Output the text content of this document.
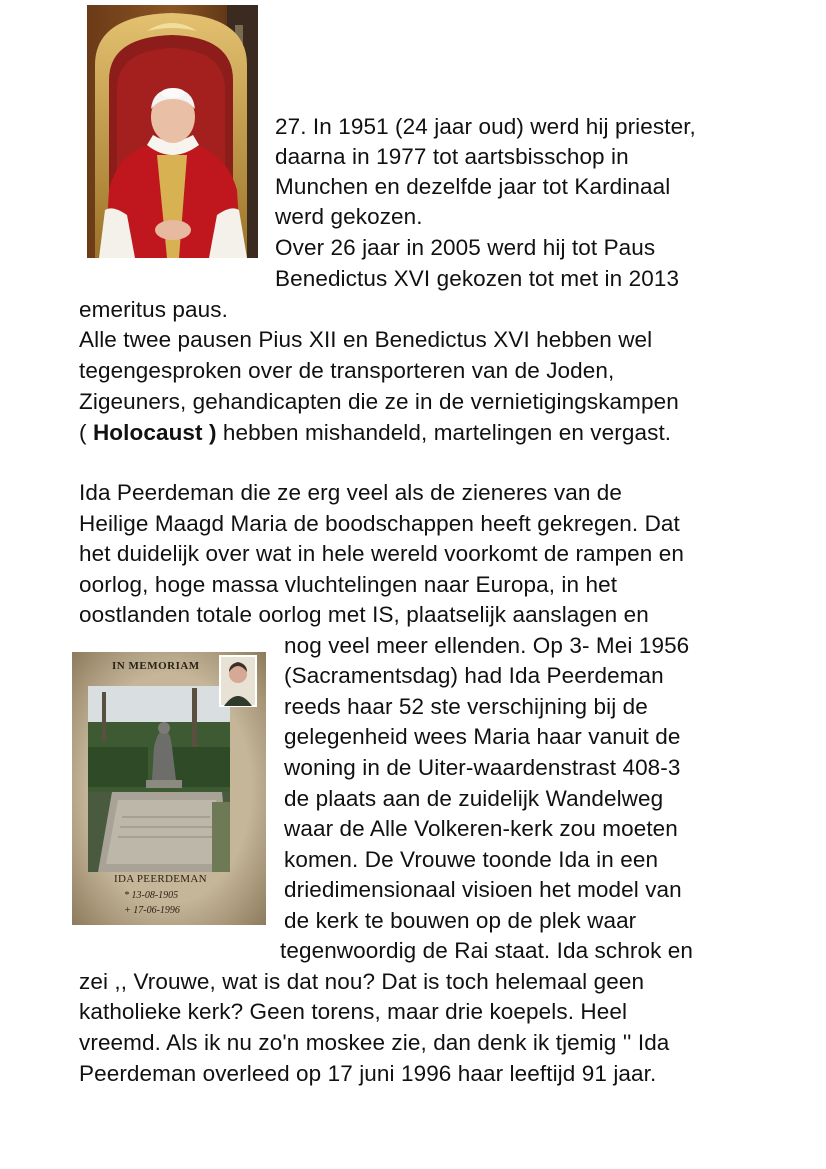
IN MEMORIAM
IDA PEERDEMAN
* 13-08-1905
+ 17-06-1996
27. In 1951 (24 jaar oud) werd hij priester,
daarna in 1977 tot aartsbisschop in
Munchen en dezelfde jaar tot Kardinaal
werd gekozen.
Over 26 jaar in 2005 werd hij tot Paus
Benedictus XVI gekozen tot met in 2013
emeritus paus.
Alle twee pausen Pius XII en Benedictus XVI hebben wel
tegengesproken over de transporteren van de Joden,
Zigeuners, gehandicapten die ze in de vernietigingskampen
( Holocaust ) hebben mishandeld, martelingen en vergast.
Ida Peerdeman die ze erg veel als de zieneres van de
Heilige Maagd Maria de boodschappen heeft gekregen. Dat
het duidelijk over wat in hele wereld voorkomt de rampen en
oorlog, hoge massa vluchtelingen naar Europa, in het
oostlanden totale oorlog met IS, plaatselijk aanslagen en
nog veel meer ellenden. Op 3- Mei 1956
(Sacramentsdag) had Ida Peerdeman
reeds haar 52 ste verschijning bij de
gelegenheid wees Maria haar vanuit de
woning in de Uiter-waardenstrast 408-3
de plaats aan de zuidelijk Wandelweg
waar de Alle Volkeren-kerk zou moeten
komen. De Vrouwe toonde Ida in een
driedimensionaal visioen het model van
de kerk te bouwen op de plek waar
tegenwoordig de Rai staat. Ida schrok en
zei ,, Vrouwe, wat is dat nou? Dat is toch helemaal geen
katholieke kerk? Geen torens, maar drie koepels. Heel
vreemd. Als ik nu zo'n moskee zie, dan denk ik tjemig '' Ida
Peerdeman overleed op 17 juni 1996 haar leeftijd 91 jaar.
